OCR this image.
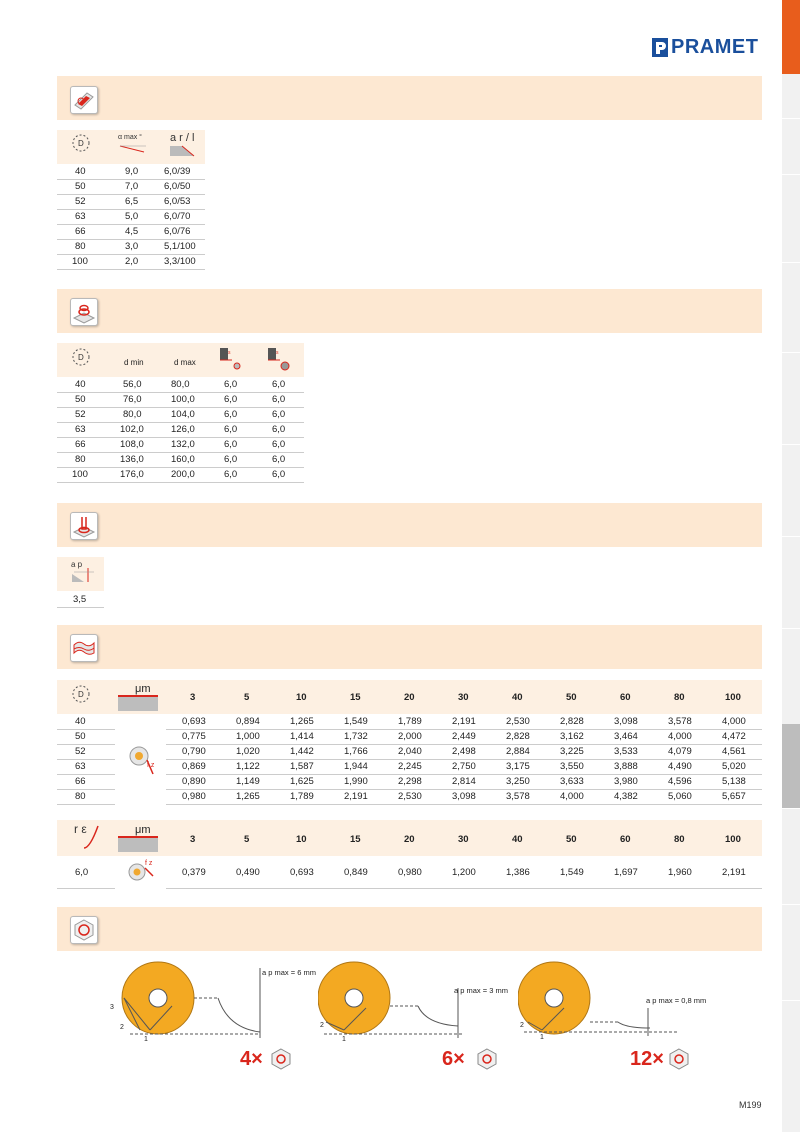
PRAMET
D
α max °	a r / l
40	9,0	6,0/39
50	7,0	6,0/50
52	6,5	6,0/53
63	5,0	6,0/70
66	4,5	6,0/76
80	3,0	5,1/100
100	2,0	3,3/100
D
d min	d max
s	s
40	56,0	80,0	6,0	6,0
50	76,0	100,0	6,0	6,0
52	80,0	104,0	6,0	6,0
63	102,0	126,0	6,0	6,0
66	108,0	132,0	6,0	6,0
80	136,0	160,0	6,0	6,0
100	176,0	200,0	6,0	6,0
a p
3,5
D	μm
3	5	10	15	20	30	40	50	60	80	100
f z
40	0,693	0,894	1,265	1,549	1,789	2,191	2,530	2,828	3,098	3,578	4,000
50	0,775	1,000	1,414	1,732	2,000	2,449	2,828	3,162	3,464	4,000	4,472
52	0,790	1,020	1,442	1,766	2,040	2,498	2,884	3,225	3,533	4,079	4,561
63	0,869	1,122	1,587	1,944	2,245	2,750	3,175	3,550	3,888	4,490	5,020
66	0,890	1,149	1,625	1,990	2,298	2,814	3,250	3,633	3,980	4,596	5,138
80	0,980	1,265	1,789	2,191	2,530	3,098	3,578	4,000	4,382	5,060	5,657
r ε	μm
3	5	10	15	20	30	40	50	60	80	100
f z
6,0	0,379	0,490	0,693	0,849	0,980	1,200	1,386	1,549	1,697	1,960	2,191
a p max = 6 mm
1
2
3
4×
a p max = 3 mm
1
2
6×
a p max = 0,8 mm
1
2
12×
M199
